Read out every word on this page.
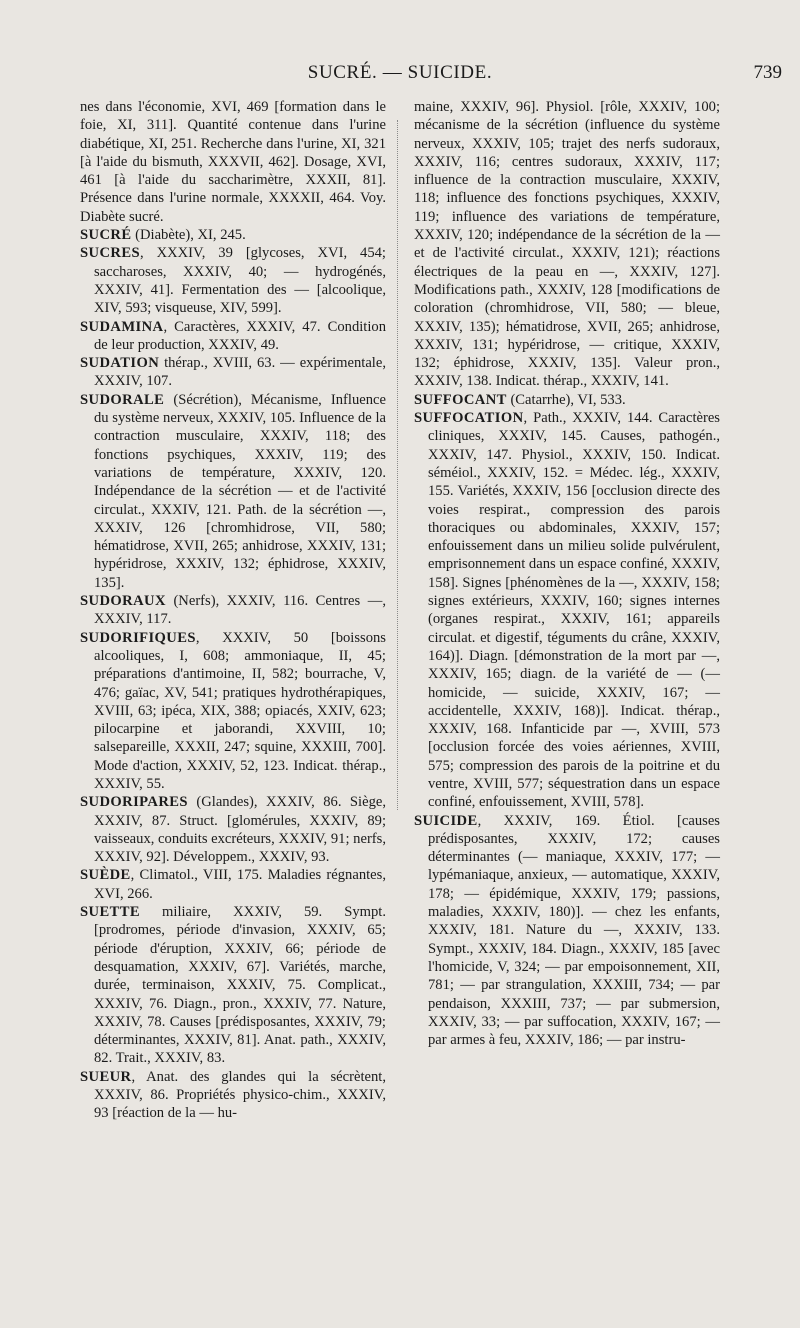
SUCRÉ. — SUICIDE.	739

nes dans l'économie, XVI, 469 [formation dans le foie, XI, 311]. Quantité contenue dans l'urine diabétique, XI, 251. Recherche dans l'urine, XI, 321 [à l'aide du bismuth, XXXVII, 462]. Dosage, XVI, 461 [à l'aide du saccharimètre, XXXII, 81]. Présence dans l'urine normale, XXXXII, 464. Voy. Diabète sucré.

SUCRÉ (Diabète), XI, 245.

SUCRES, XXXIV, 39 [glycoses, XVI, 454; saccharoses, XXXIV, 40; — hydrogénés, XXXIV, 41]. Fermentation des — [alcoolique, XIV, 593; visqueuse, XIV, 599].

SUDAMINA, Caractères, XXXIV, 47. Condition de leur production, XXXIV, 49.

SUDATION thérap., XVIII, 63. — expérimentale, XXXIV, 107.

SUDORALE (Sécrétion), Mécanisme, Influence du système nerveux, XXXIV, 105. Influence de la contraction musculaire, XXXIV, 118; des fonctions psychiques, XXXIV, 119; des variations de température, XXXIV, 120. Indépendance de la sécrétion — et de l'activité circulat., XXXIV, 121. Path. de la sécrétion —, XXXIV, 126 [chromhidrose, VII, 580; hématidrose, XVII, 265; anhidrose, XXXIV, 131; hypéridrose, XXXIV, 132; éphidrose, XXXIV, 135].

SUDORAUX (Nerfs), XXXIV, 116. Centres —, XXXIV, 117.

SUDORIFIQUES, XXXIV, 50 [boissons alcooliques, I, 608; ammoniaque, II, 45; préparations d'antimoine, II, 582; bourrache, V, 476; gaïac, XV, 541; pratiques hydrothérapiques, XVIII, 63; ipéca, XIX, 388; opiacés, XXIV, 623; pilocarpine et jaborandi, XXVIII, 10; salsepareille, XXXII, 247; squine, XXXIII, 700]. Mode d'action, XXXIV, 52, 123. Indicat. thérap., XXXIV, 55.

SUDORIPARES (Glandes), XXXIV, 86. Siège, XXXIV, 87. Struct. [glomérules, XXXIV, 89; vaisseaux, conduits excréteurs, XXXIV, 91; nerfs, XXXIV, 92]. Développem., XXXIV, 93.

SUÈDE, Climatol., VIII, 175. Maladies régnantes, XVI, 266.

SUETTE miliaire, XXXIV, 59. Sympt. [prodromes, période d'invasion, XXXIV, 65; période d'éruption, XXXIV, 66; période de desquamation, XXXIV, 67]. Variétés, marche, durée, terminaison, XXXIV, 75. Complicat., XXXIV, 76. Diagn., pron., XXXIV, 77. Nature, XXXIV, 78. Causes [prédisposantes, XXXIV, 79; déterminantes, XXXIV, 81]. Anat. path., XXXIV, 82. Trait., XXXIV, 83.

SUEUR, Anat. des glandes qui la sécrètent, XXXIV, 86. Propriétés physico-chim., XXXIV, 93 [réaction de la — hu-

maine, XXXIV, 96]. Physiol. [rôle, XXXIV, 100; mécanisme de la sécrétion (influence du système nerveux, XXXIV, 105; trajet des nerfs sudoraux, XXXIV, 116; centres sudoraux, XXXIV, 117; influence de la contraction musculaire, XXXIV, 118; influence des fonctions psychiques, XXXIV, 119; influence des variations de température, XXXIV, 120; indépendance de la sécrétion de la — et de l'activité circulat., XXXIV, 121); réactions électriques de la peau en —, XXXIV, 127]. Modifications path., XXXIV, 128 [modifications de coloration (chromhidrose, VII, 580; — bleue, XXXIV, 135); hématidrose, XVII, 265; anhidrose, XXXIV, 131; hypéridrose, — critique, XXXIV, 132; éphidrose, XXXIV, 135]. Valeur pron., XXXIV, 138. Indicat. thérap., XXXIV, 141.

SUFFOCANT (Catarrhe), VI, 533.

SUFFOCATION, Path., XXXIV, 144. Caractères cliniques, XXXIV, 145. Causes, pathogén., XXXIV, 147. Physiol., XXXIV, 150. Indicat. séméiol., XXXIV, 152. = Médec. lég., XXXIV, 155. Variétés, XXXIV, 156 [occlusion directe des voies respirat., compression des parois thoraciques ou abdominales, XXXIV, 157; enfouissement dans un milieu solide pulvérulent, emprisonnement dans un espace confiné, XXXIV, 158]. Signes [phénomènes de la —, XXXIV, 158; signes extérieurs, XXXIV, 160; signes internes (organes respirat., XXXIV, 161; appareils circulat. et digestif, téguments du crâne, XXXIV, 164)]. Diagn. [démonstration de la mort par —, XXXIV, 165; diagn. de la variété de — (— homicide, — suicide, XXXIV, 167; — accidentelle, XXXIV, 168)]. Indicat. thérap., XXXIV, 168. Infanticide par —, XVIII, 573 [occlusion forcée des voies aériennes, XVIII, 575; compression des parois de la poitrine et du ventre, XVIII, 577; séquestration dans un espace confiné, enfouissement, XVIII, 578].

SUICIDE, XXXIV, 169. Étiol. [causes prédisposantes, XXXIV, 172; causes déterminantes (— maniaque, XXXIV, 177; — lypémaniaque, anxieux, — automatique, XXXIV, 178; — épidémique, XXXIV, 179; passions, maladies, XXXIV, 180)]. — chez les enfants, XXXIV, 181. Nature du —, XXXIV, 133. Sympt., XXXIV, 184. Diagn., XXXIV, 185 [avec l'homicide, V, 324; — par empoisonnement, XII, 781; — par strangulation, XXXIII, 734; — par pendaison, XXXIII, 737; — par submersion, XXXIV, 33; — par suffocation, XXXIV, 167; — par armes à feu, XXXIV, 186; — par instru-
